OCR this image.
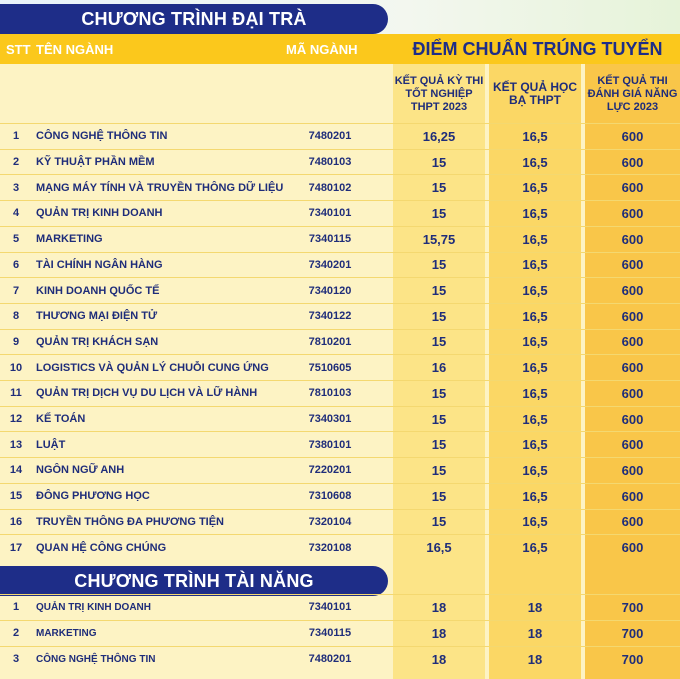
CHƯƠNG TRÌNH ĐẠI TRÀ
STT TÊN NGÀNH	MÃ NGÀNH	ĐIỂM CHUẨN TRÚNG TUYỂN
KẾT QUẢ KỲ THI TỐT NGHIỆP THPT 2023
KẾT QUẢ HỌC BẠ THPT
KẾT QUẢ THI ĐÁNH GIÁ NĂNG LỰC 2023
1	CÔNG NGHỆ THÔNG TIN	7480201	16,25	16,5	600
2	KỸ THUẬT PHẦN MỀM	7480103	15	16,5	600
3	MẠNG MÁY TÍNH VÀ TRUYỀN THÔNG DỮ LIỆU	7480102	15	16,5	600
4	QUẢN TRỊ KINH DOANH	7340101	15	16,5	600
5	MARKETING	7340115	15,75	16,5	600
6	TÀI CHÍNH NGÂN HÀNG	7340201	15	16,5	600
7	KINH DOANH QUỐC TẾ	7340120	15	16,5	600
8	THƯƠNG MẠI ĐIỆN TỬ	7340122	15	16,5	600
9	QUẢN TRỊ KHÁCH SẠN	7810201	15	16,5	600
10	LOGISTICS VÀ QUẢN LÝ CHUỖI CUNG ỨNG	7510605	16	16,5	600
11	QUẢN TRỊ DỊCH VỤ DU LỊCH VÀ LỮ HÀNH	7810103	15	16,5	600
12	KẾ TOÁN	7340301	15	16,5	600
13	LUẬT	7380101	15	16,5	600
14	NGÔN NGỮ ANH	7220201	15	16,5	600
15	ĐÔNG PHƯƠNG HỌC	7310608	15	16,5	600
16	TRUYỀN THÔNG ĐA PHƯƠNG TIỆN	7320104	15	16,5	600
17	QUAN HỆ CÔNG CHÚNG	7320108	16,5	16,5	600
CHƯƠNG TRÌNH TÀI NĂNG
1	QUẢN TRỊ KINH DOANH	7340101	18	18	700
2	MARKETING	7340115	18	18	700
3	CÔNG NGHỆ THÔNG TIN	7480201	18	18	700
